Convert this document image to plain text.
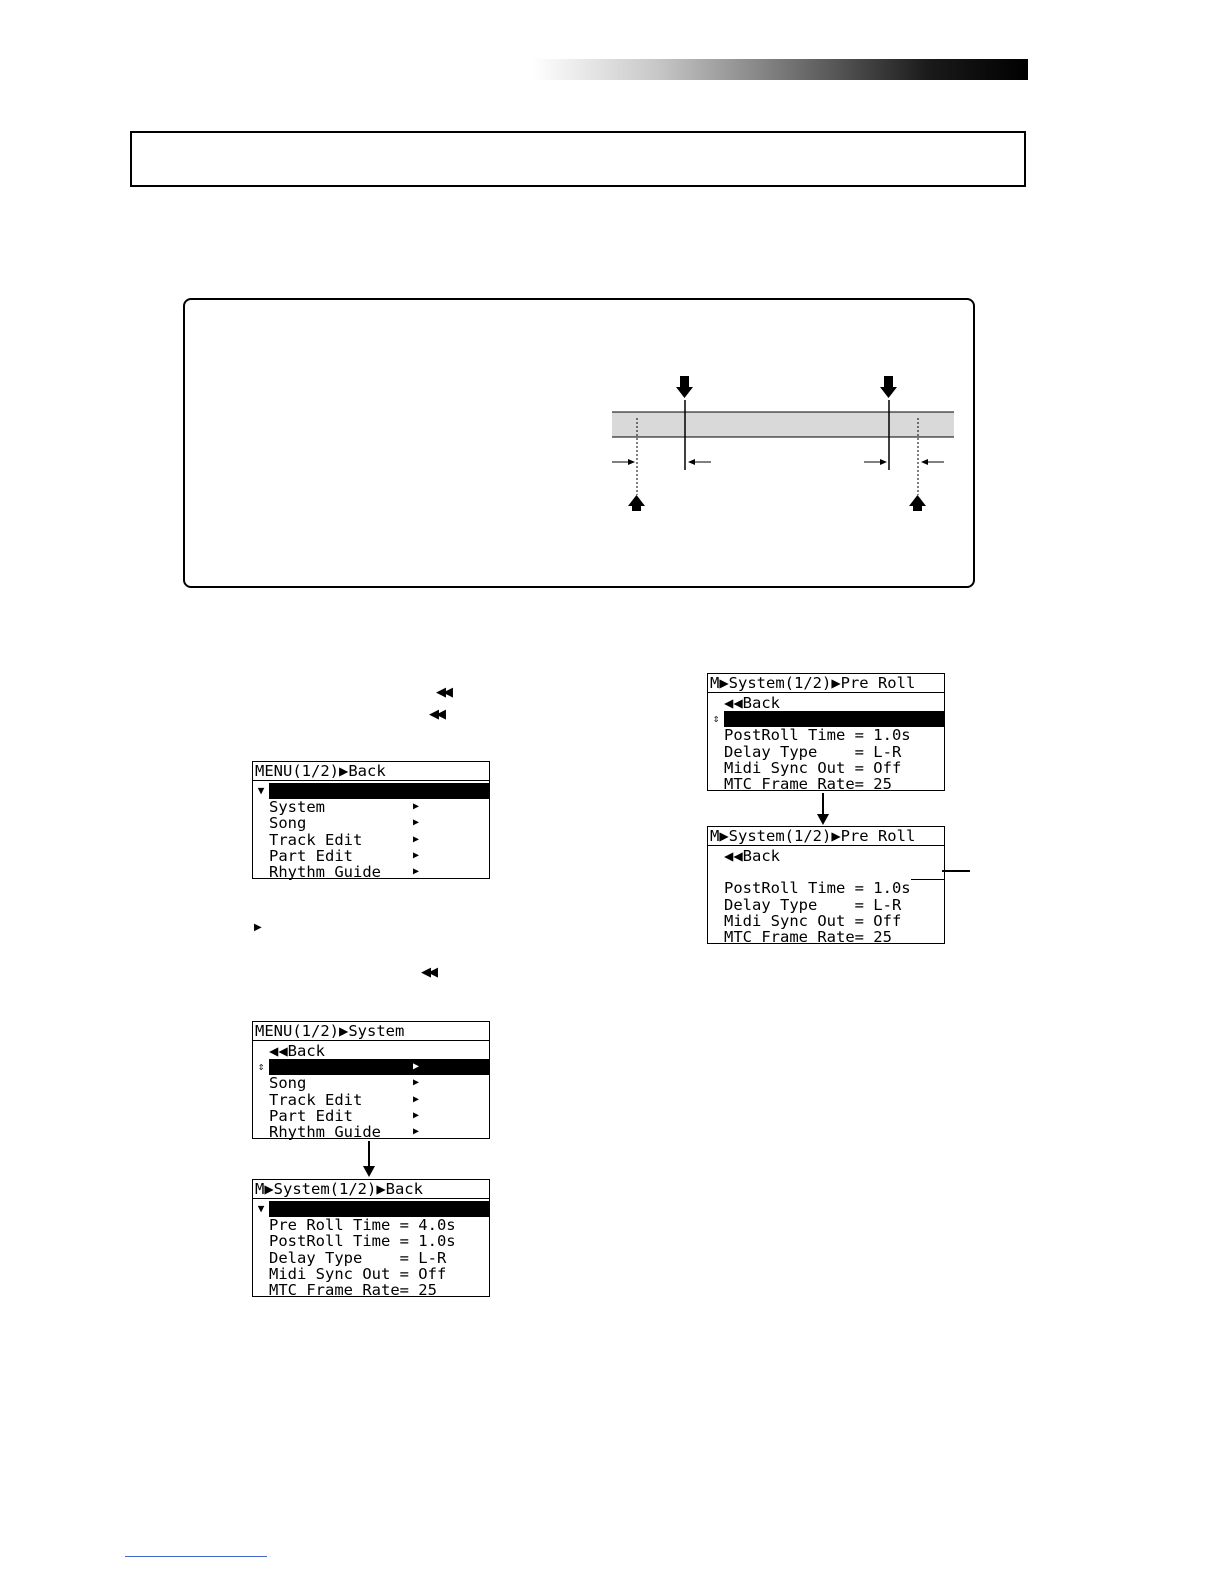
◀◀
◀◀
▶
◀◀
MENU(1/2)▶Back

▼

System	▶
Song	▶
Track Edit	▶
Part Edit	▶
Rhythm Guide	▶
MENU(1/2)▶System
◀◀Back

⇕

	▶

Song	▶
Track Edit	▶
Part Edit	▶
Rhythm Guide	▶
M▶System(1/2)▶Back

▼

Pre Roll Time = 4.0s
PostRoll Time = 1.0s
Delay Type    = L-R
Midi Sync Out = Off
MTC Frame Rate= 25
M▶System(1/2)▶Pre Roll
◀◀Back

⇕

PostRoll Time = 1.0s
Delay Type    = L-R
Midi Sync Out = Off
MTC Frame Rate= 25
M▶System(1/2)▶Pre Roll
◀◀Back

PostRoll Time = 1.0s
Delay Type    = L-R
Midi Sync Out = Off
MTC Frame Rate= 25
